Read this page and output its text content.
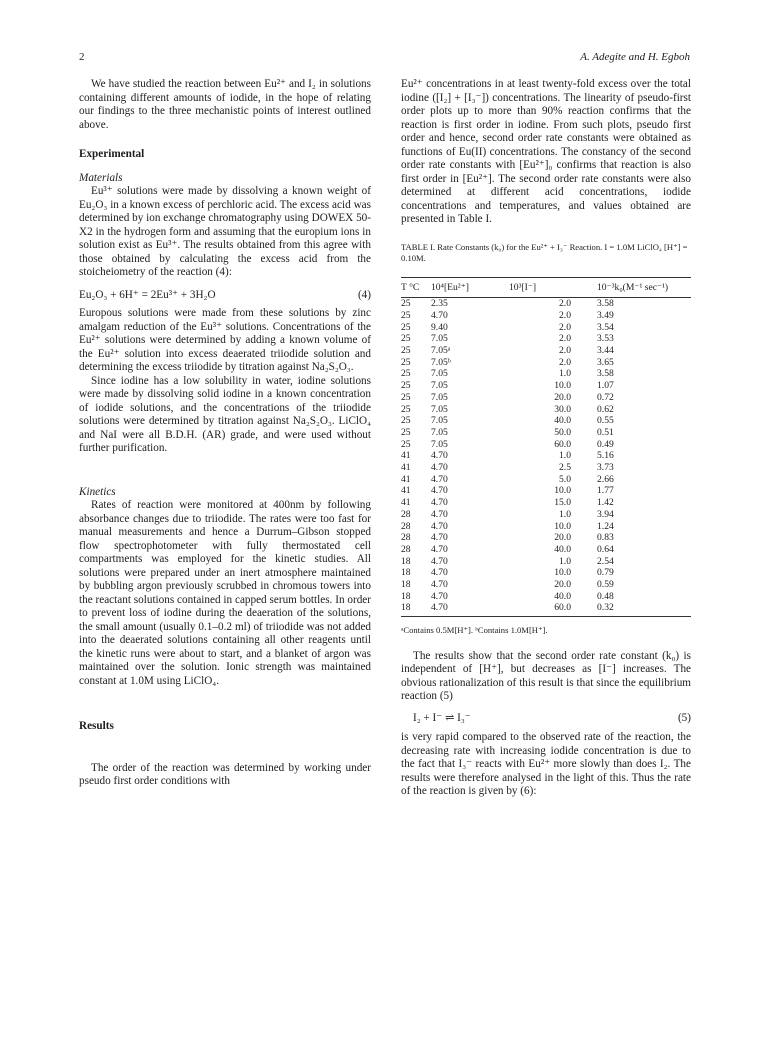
2	A. Adegite and H. Egboh

We have studied the reaction between Eu²⁺ and I₂ in solutions containing different amounts of iodide, in the hope of relating our findings to the three mechanistic points of interest outlined above.

Experimental
Materials

Eu³⁺ solutions were made by dissolving a known weight of Eu₂O₃ in a known excess of perchloric acid. The excess acid was determined by ion exchange chromatography using DOWEX 50-X2 in the hydrogen form and assuming that the europium ions in solution exist as Eu³⁺. The results obtained from this agree with those obtained by calculating the excess acid from the stoicheiometry of the reaction (4):

Eu₂O₃ + 6H⁺ = 2Eu³⁺ + 3H₂O	(4)

Europous solutions were made from these solutions by zinc amalgam reduction of the Eu³⁺ solutions. Concentrations of the Eu²⁺ solutions were determined by adding a known volume of the Eu²⁺ solution into excess deaerated triiodide solution and determining the excess triiodide by titration against Na₂S₂O₃.

Since iodine has a low solubility in water, iodine solutions were made by dissolving solid iodine in a known concentration of iodide solutions, and the concentrations of the triiodide solutions were determined by titration against Na₂S₂O₃. LiClO₄ and NaI were all B.D.H. (AR) grade, and were used without further purification.

Kinetics

Rates of reaction were monitored at 400nm by following absorbance changes due to triiodide. The rates were too fast for manual measurements and hence a Durrum–Gibson stopped flow spectrophotometer with fully thermostated cell compartments was employed for the kinetic studies. All solutions were prepared under an inert atmosphere maintained by bubbling argon previously scrubbed in chromous towers into the reactant solutions contained in capped serum bottles. In order to prevent loss of iodine during the deaeration of the solutions, the small amount (usually 0.1–0.2 ml) of triiodide was not added into the deaerated solutions containing all other reagents until the kinetic runs were about to start, and a blanket of argon was maintained over the solution. Ionic strength was maintained constant at 1.0M using LiClO₄.

Results

The order of the reaction was determined by working under pseudo first order conditions with

Eu²⁺ concentrations in at least twenty-fold excess over the total iodine ([I₂] + [I₃⁻]) concentrations. The linearity of pseudo-first order plots up to more than 90% reaction confirms that the reaction is first order in iodine. From such plots, pseudo first order and hence, second order rate constants were obtained as functions of Eu(II) concentrations. The constancy of the second order rate constants with [Eu²⁺]₀ confirms that reaction is also first order in [Eu²⁺]. The second order rate constants were also determined at different acid concentrations, iodide concentrations and temperatures, and values obtained are presented in Table I.

TABLE I. Rate Constants (k₀) for the Eu²⁺ + I₃⁻ Reaction. I = 1.0M LiClO₄ [H⁺] = 0.10M.
T °C	10⁴[Eu²⁺]	10³[I⁻]	10⁻³k₀(M⁻¹ sec⁻¹)
25	2.35	2.0	3.58
25	4.70	2.0	3.49
25	9.40	2.0	3.54
25	7.05	2.0	3.53
25	7.05ᵃ	2.0	3.44
25	7.05ᵇ	2.0	3.65
25	7.05	1.0	3.58
25	7.05	10.0	1.07
25	7.05	20.0	0.72
25	7.05	30.0	0.62
25	7.05	40.0	0.55
25	7.05	50.0	0.51
25	7.05	60.0	0.49
41	4.70	1.0	5.16
41	4.70	2.5	3.73
41	4.70	5.0	2.66
41	4.70	10.0	1.77
41	4.70	15.0	1.42
28	4.70	1.0	3.94
28	4.70	10.0	1.24
28	4.70	20.0	0.83
28	4.70	40.0	0.64
18	4.70	1.0	2.54
18	4.70	10.0	0.79
18	4.70	20.0	0.59
18	4.70	40.0	0.48
18	4.70	60.0	0.32
ᵃContains 0.5M[H⁺]. ᵇContains 1.0M[H⁺].

The results show that the second order rate constant (k₀) is independent of [H⁺], but decreases as [I⁻] increases. The obvious rationalization of this result is that since the equilibrium reaction (5)

I₂ + I⁻ ⇌ I₃⁻	(5)

is very rapid compared to the observed rate of the reaction, the decreasing rate with increasing iodide concentration is due to the fact that I₃⁻ reacts with Eu²⁺ more slowly than does I₂. The results were therefore analysed in the light of this. Thus the rate of the reaction is given by (6):
